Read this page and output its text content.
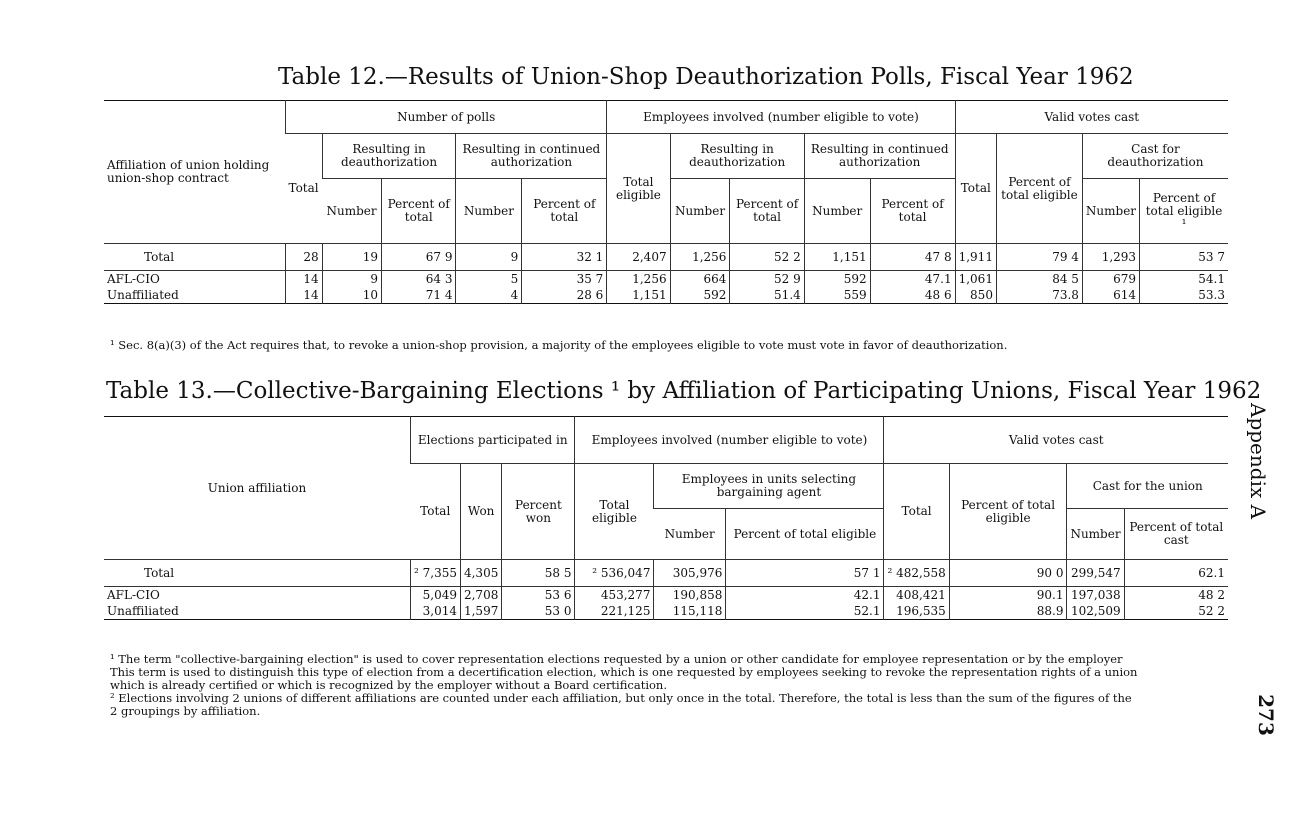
Table 12.—Results of Union-Shop Deauthorization Polls, Fiscal Year 1962
Affiliation of union holding union-shop contract	Number of polls					Employees involved (number eligible to vote)					Valid votes cast			
	Total	Resulting in deauthorization		Resulting in continued authorization		Total eligible	Resulting in deauthorization		Resulting in continued authorization		Total	Percent of total eligible	Cast for deauthorization	
		Number	Percent of total	Number	Percent of total		Number	Percent of total	Number	Percent of total			Number	Percent of total eligible ¹
Total	28	19	67 9	9	32 1	2,407	1,256	52 2	1,151	47 8	1,911	79 4	1,293	53 7
AFL-CIO	14	9	64 3	5	35 7	1,256	664	52 9	592	47.1	1,061	84 5	679	54.1
Unaffiliated	14	10	71 4	4	28 6	1,151	592	51.4	559	48 6	850	73.8	614	53.3
¹ Sec. 8(a)(3) of the Act requires that, to revoke a union-shop provision, a majority of the employees eligible to vote must vote in favor of deauthorization.
Table 13.—Collective-Bargaining Elections ¹ by Affiliation of Participating Unions, Fiscal Year 1962
Union affiliation	Elections participated in			Employees involved (number eligible to vote)			Valid votes cast			
	Total	Won	Percent won	Total eligible	Employees in units selecting bargaining agent		Total	Percent of total eligible	Cast for the union	
					Number	Percent of total eligible			Number	Percent of total cast
Total	² 7,355	4,305	58 5	² 536,047	305,976	57 1	² 482,558	90 0	299,547	62.1
AFL-CIO	5,049	2,708	53 6	453,277	190,858	42.1	408,421	90.1	197,038	48 2
Unaffiliated	3,014	1,597	53 0	221,125	115,118	52.1	196,535	88.9	102,509	52 2
¹ The term "collective-bargaining election" is used to cover representation elections requested by a union or other candidate for employee representation or by the employer
This term is used to distinguish this type of election from a decertification election, which is one requested by employees seeking to revoke the representation rights of a union
which is already certified or which is recognized by the employer without a Board certification.
² Elections involving 2 unions of different affiliations are counted under each affiliation, but only once in the total. Therefore, the total is less than the sum of the figures of the
2 groupings by affiliation.
Appendix A
273
